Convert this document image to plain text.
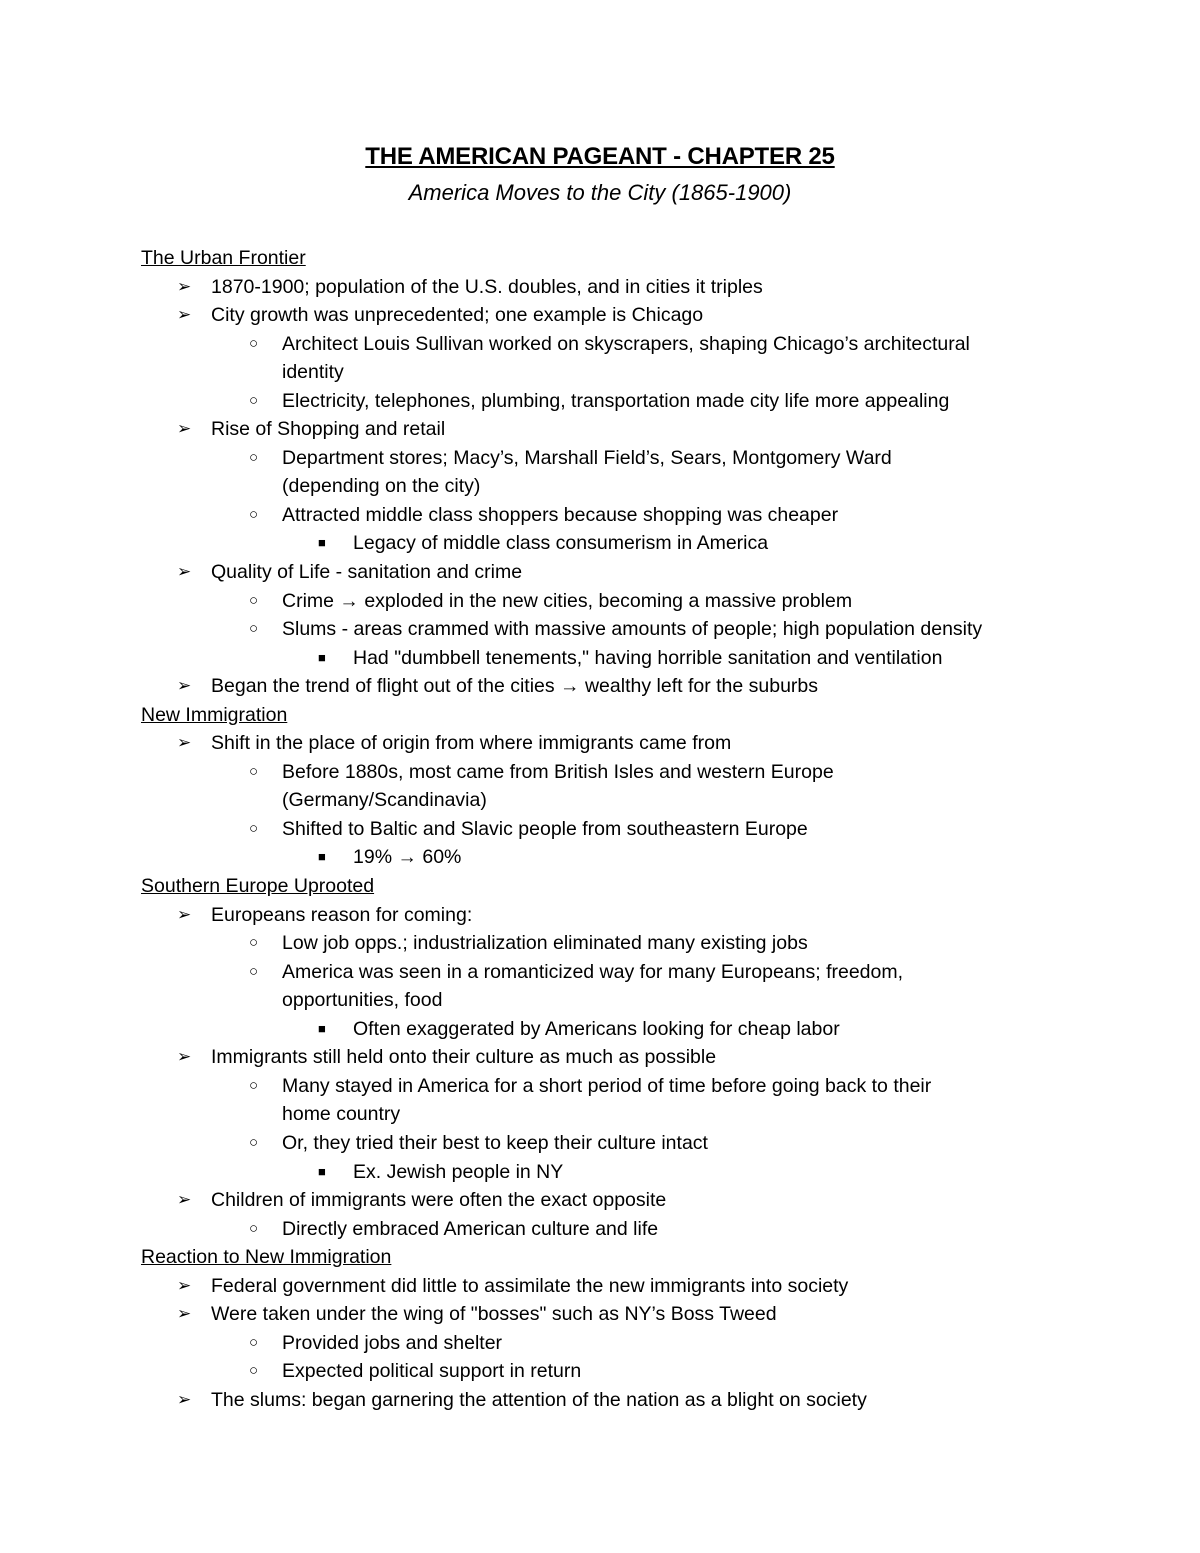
THE AMERICAN PAGEANT - CHAPTER 25
America Moves to the City (1865-1900)
The Urban Frontier
➢ 1870-1900; population of the U.S. doubles, and in cities it triples
➢ City growth was unprecedented; one example is Chicago
○ Architect Louis Sullivan worked on skyscrapers, shaping Chicago’s architectural
identity
○ Electricity, telephones, plumbing, transportation made city life more appealing
➢ Rise of Shopping and retail
○ Department stores; Macy’s, Marshall Field’s, Sears, Montgomery Ward
(depending on the city)
○ Attracted middle class shoppers because shopping was cheaper
■ Legacy of middle class consumerism in America
➢ Quality of Life - sanitation and crime
○ Crime → exploded in the new cities, becoming a massive problem
○ Slums - areas crammed with massive amounts of people; high population density
■ Had "dumbbell tenements," having horrible sanitation and ventilation
➢ Began the trend of flight out of the cities → wealthy left for the suburbs
New Immigration
➢ Shift in the place of origin from where immigrants came from
○ Before 1880s, most came from British Isles and western Europe
(Germany/Scandinavia)
○ Shifted to Baltic and Slavic people from southeastern Europe
■ 19% → 60%
Southern Europe Uprooted
➢ Europeans reason for coming:
○ Low job opps.; industrialization eliminated many existing jobs
○ America was seen in a romanticized way for many Europeans; freedom,
opportunities, food
■ Often exaggerated by Americans looking for cheap labor
➢ Immigrants still held onto their culture as much as possible
○ Many stayed in America for a short period of time before going back to their
home country
○ Or, they tried their best to keep their culture intact
■ Ex. Jewish people in NY
➢ Children of immigrants were often the exact opposite
○ Directly embraced American culture and life
Reaction to New Immigration
➢ Federal government did little to assimilate the new immigrants into society
➢ Were taken under the wing of "bosses" such as NY’s Boss Tweed
○ Provided jobs and shelter
○ Expected political support in return
➢ The slums: began garnering the attention of the nation as a blight on society
